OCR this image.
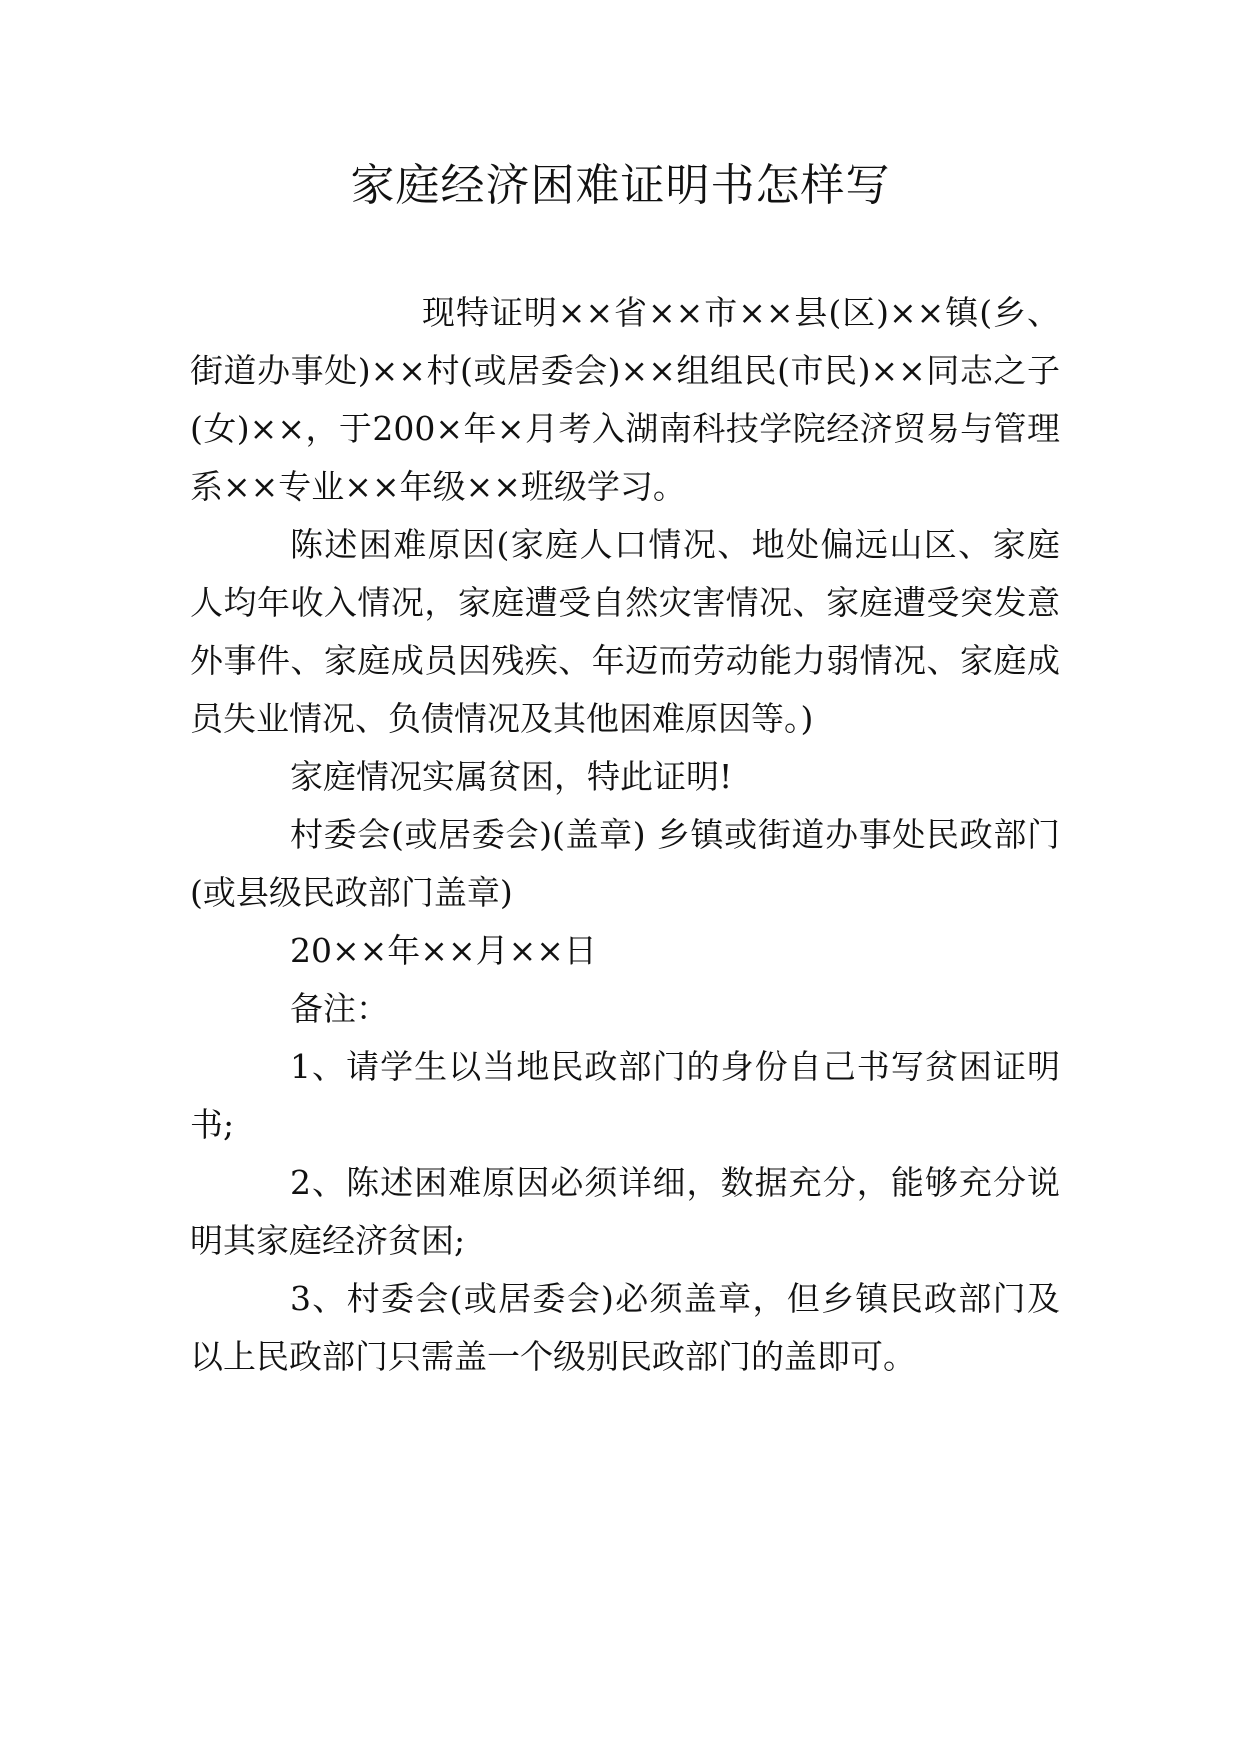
家庭经济困难证明书怎样写

现特证明××省××市××县(区)××镇(乡、街道办事处)××村(或居委会)××组组民(市民)××同志之子(女)××，于200×年×月考入湖南科技学院经济贸易与管理系××专业××年级××班级学习。

陈述困难原因(家庭人口情况、地处偏远山区、家庭人均年收入情况，家庭遭受自然灾害情况、家庭遭受突发意外事件、家庭成员因残疾、年迈而劳动能力弱情况、家庭成员失业情况、负债情况及其他困难原因等。)

家庭情况实属贫困，特此证明!

村委会(或居委会)(盖章) 乡镇或街道办事处民政部门(或县级民政部门盖章)

20××年××月××日

备注：

1、请学生以当地民政部门的身份自己书写贫困证明书;

2、陈述困难原因必须详细，数据充分，能够充分说明其家庭经济贫困;

3、村委会(或居委会)必须盖章，但乡镇民政部门及以上民政部门只需盖一个级别民政部门的盖即可。
